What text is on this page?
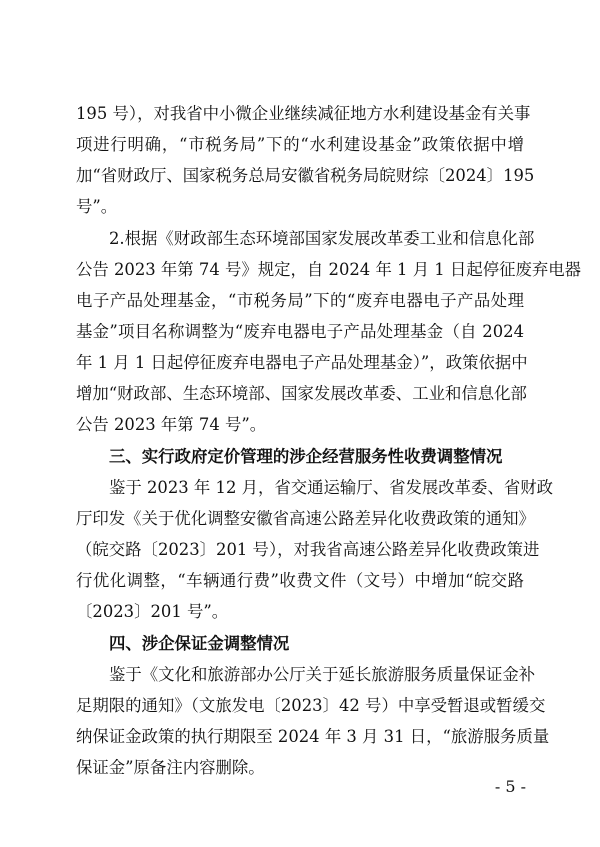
195 号），对我省中小微企业继续减征地方水利建设基金有关事
项进行明确，“市税务局”下的“水利建设基金”政策依据中增
加“省财政厅、国家税务总局安徽省税务局皖财综〔2024〕195
号”。
2.根据《财政部生态环境部国家发展改革委工业和信息化部
公告 2023 年第 74 号》规定，自 2024 年 1 月 1 日起停征废弃电器
电子产品处理基金，“市税务局”下的“废弃电器电子产品处理
基金”项目名称调整为“废弃电器电子产品处理基金（自 2024
年 1 月 1 日起停征废弃电器电子产品处理基金）”，政策依据中
增加“财政部、生态环境部、国家发展改革委、工业和信息化部
公告 2023 年第 74 号”。
三、实行政府定价管理的涉企经营服务性收费调整情况
鉴于 2023 年 12 月，省交通运输厅、省发展改革委、省财政
厅印发《关于优化调整安徽省高速公路差异化收费政策的通知》
（皖交路〔2023〕201 号），对我省高速公路差异化收费政策进
行优化调整，“车辆通行费”收费文件（文号）中增加“皖交路
〔2023〕201 号”。
四、涉企保证金调整情况
鉴于《文化和旅游部办公厅关于延长旅游服务质量保证金补
足期限的通知》（文旅发电〔2023〕42 号）中享受暂退或暂缓交
纳保证金政策的执行期限至 2024 年 3 月 31 日，“旅游服务质量
保证金”原备注内容删除。
- 5 -
